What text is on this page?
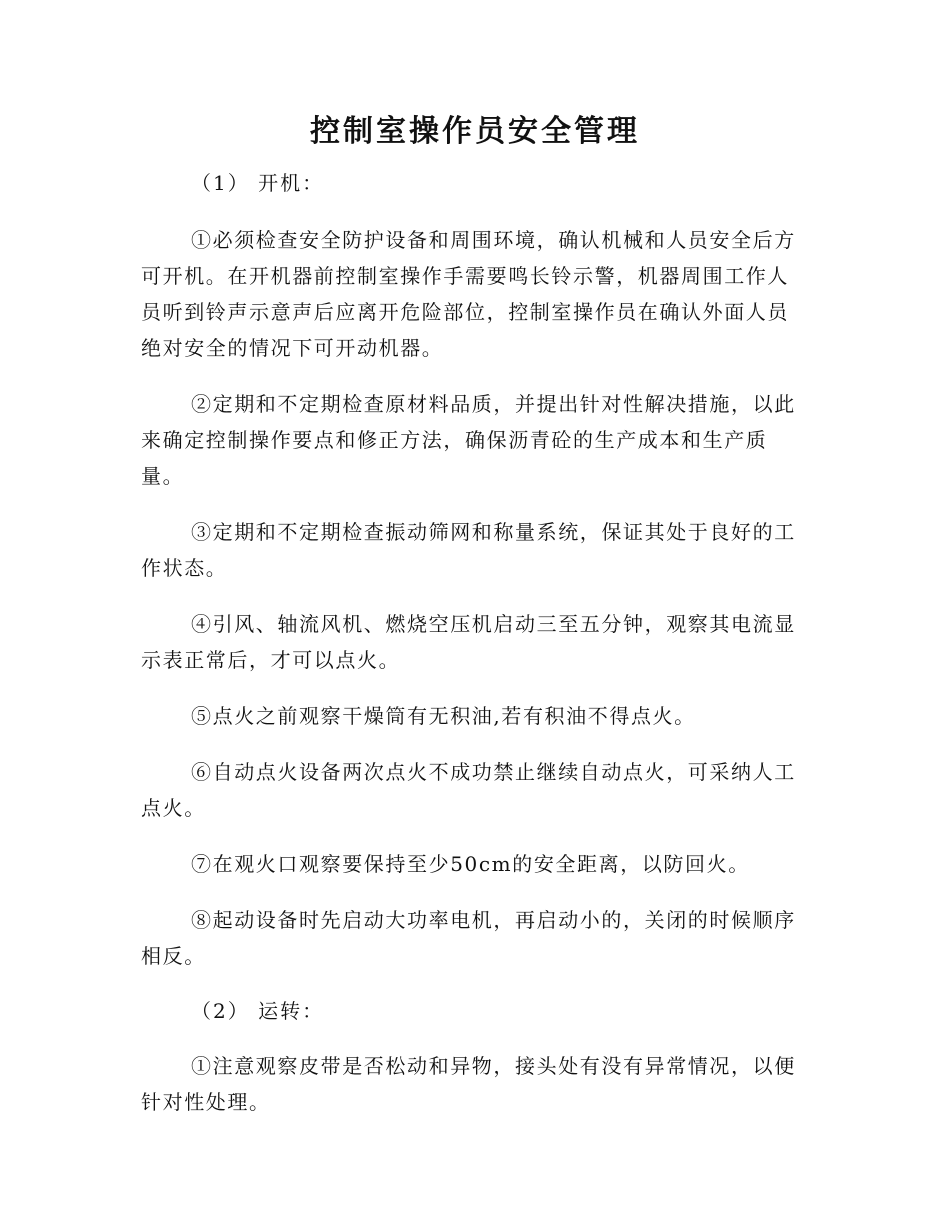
控制室操作员安全管理
（1） 开机：

①必须检查安全防护设备和周围环境，确认机械和人员安全后方可开机。在开机器前控制室操作手需要鸣长铃示警，机器周围工作人员听到铃声示意声后应离开危险部位，控制室操作员在确认外面人员绝对安全的情况下可开动机器。

②定期和不定期检查原材料品质，并提出针对性解决措施，以此来确定控制操作要点和修正方法，确保沥青砼的生产成本和生产质量。

③定期和不定期检查振动筛网和称量系统，保证其处于良好的工作状态。

④引风、轴流风机、燃烧空压机启动三至五分钟，观察其电流显示表正常后，才可以点火。

⑤点火之前观察干燥筒有无积油,若有积油不得点火。

⑥自动点火设备两次点火不成功禁止继续自动点火，可采纳人工点火。

⑦在观火口观察要保持至少50cm的安全距离，以防回火。

⑧起动设备时先启动大功率电机，再启动小的，关闭的时候顺序相反。

（2） 运转：

①注意观察皮带是否松动和异物，接头处有没有异常情况，以便针对性处理。
